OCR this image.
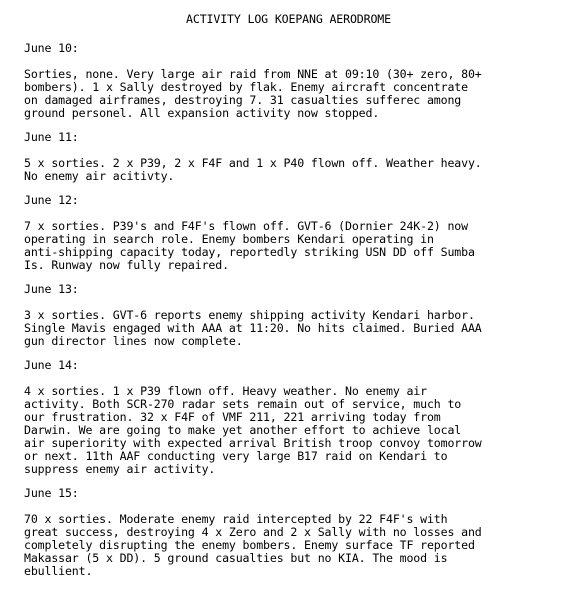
ACTIVITY LOG KOEPANG AERODROME
June 10:
Sorties, none. Very large air raid from NNE at 09:10 (30+ zero, 80+
bombers). 1 x Sally destroyed by flak. Enemy aircraft concentrate
on damaged airframes, destroying 7. 31 casualties sufferec among
ground personel. All expansion activity now stopped.
June 11:
5 x sorties. 2 x P39, 2 x F4F and 1 x P40 flown off. Weather heavy.
No enemy air acitivty.
June 12:
7 x sorties. P39's and F4F's flown off. GVT-6 (Dornier 24K-2) now
operating in search role. Enemy bombers Kendari operating in
anti-shipping capacity today, reportedly striking USN DD off Sumba
Is. Runway now fully repaired.
June 13:
3 x sorties. GVT-6 reports enemy shipping activity Kendari harbor.
Single Mavis engaged with AAA at 11:20. No hits claimed. Buried AAA
gun director lines now complete.
June 14:
4 x sorties. 1 x P39 flown off. Heavy weather. No enemy air
activity. Both SCR-270 radar sets remain out of service, much to
our frustration. 32 x F4F of VMF 211, 221 arriving today from
Darwin. We are going to make yet another effort to achieve local
air superiority with expected arrival British troop convoy tomorrow
or next. 11th AAF conducting very large B17 raid on Kendari to
suppress enemy air activity.
June 15:
70 x sorties. Moderate enemy raid intercepted by 22 F4F's with
great success, destroying 4 x Zero and 2 x Sally with no losses and
completely disrupting the enemy bombers. Enemy surface TF reported
Makassar (5 x DD). 5 ground casualties but no KIA. The mood is
ebullient.
